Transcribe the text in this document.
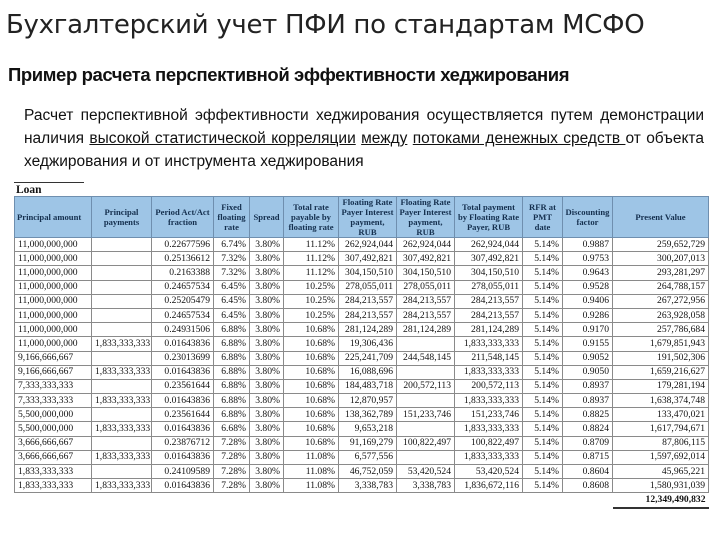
Бухгалтерский учет ПФИ по стандартам МСФО
Пример расчета перспективной эффективности хеджирования
Расчет перспективной эффективности хеджирования осуществляется путем демонстрации наличия высокой статистической корреляции между потоками денежных средств от объекта хеджирования и от инструмента хеджирования
Loan
Principal amount	Principal payments	Period Act/Act fraction	Fixed floating rate	Spread	Total rate payable by floating rate	Floating Rate Payer Interest payment, RUB	Floating Rate Payer Interest payment, RUB	Total payment by Floating Rate Payer, RUB	RFR at PMT date	Discounting factor	Present Value
11,000,000,000		0.22677596	6.74%	3.80%	11.12%	262,924,044	262,924,044	262,924,044	5.14%	0.9887	259,652,729
11,000,000,000		0.25136612	7.32%	3.80%	11.12%	307,492,821	307,492,821	307,492,821	5.14%	0.9753	300,207,013
11,000,000,000		0.2163388	7.32%	3.80%	11.12%	304,150,510	304,150,510	304,150,510	5.14%	0.9643	293,281,297
11,000,000,000		0.24657534	6.45%	3.80%	10.25%	278,055,011	278,055,011	278,055,011	5.14%	0.9528	264,788,157
11,000,000,000		0.25205479	6.45%	3.80%	10.25%	284,213,557	284,213,557	284,213,557	5.14%	0.9406	267,272,956
11,000,000,000		0.24657534	6.45%	3.80%	10.25%	284,213,557	284,213,557	284,213,557	5.14%	0.9286	263,928,058
11,000,000,000		0.24931506	6.88%	3.80%	10.68%	281,124,289	281,124,289	281,124,289	5.14%	0.9170	257,786,684
11,000,000,000	1,833,333,333	0.01643836	6.88%	3.80%	10.68%	19,306,436		1,833,333,333	5.14%	0.9155	1,679,851,943
9,166,666,667		0.23013699	6.88%	3.80%	10.68%	225,241,709	244,548,145	211,548,145	5.14%	0.9052	191,502,306
9,166,666,667	1,833,333,333	0.01643836	6.88%	3.80%	10.68%	16,088,696		1,833,333,333	5.14%	0.9050	1,659,216,627
7,333,333,333		0.23561644	6.88%	3.80%	10.68%	184,483,718	200,572,113	200,572,113	5.14%	0.8937	179,281,194
7,333,333,333	1,833,333,333	0.01643836	6.88%	3.80%	10.68%	12,870,957		1,833,333,333	5.14%	0.8937	1,638,374,748
5,500,000,000		0.23561644	6.88%	3.80%	10.68%	138,362,789	151,233,746	151,233,746	5.14%	0.8825	133,470,021
5,500,000,000	1,833,333,333	0.01643836	6.68%	3.80%	10.68%	9,653,218		1,833,333,333	5.14%	0.8824	1,617,794,671
3,666,666,667		0.23876712	7.28%	3.80%	10.68%	91,169,279	100,822,497	100,822,497	5.14%	0.8709	87,806,115
3,666,666,667	1,833,333,333	0.01643836	7.28%	3.80%	11.08%	6,577,556		1,833,333,333	5.14%	0.8715	1,597,692,014
1,833,333,333		0.24109589	7.28%	3.80%	11.08%	46,752,059	53,420,524	53,420,524	5.14%	0.8604	45,965,221
1,833,333,333	1,833,333,333	0.01643836	7.28%	3.80%	11.08%	3,338,783	3,338,783	1,836,672,116	5.14%	0.8608	1,580,931,039
											12,349,490,832
